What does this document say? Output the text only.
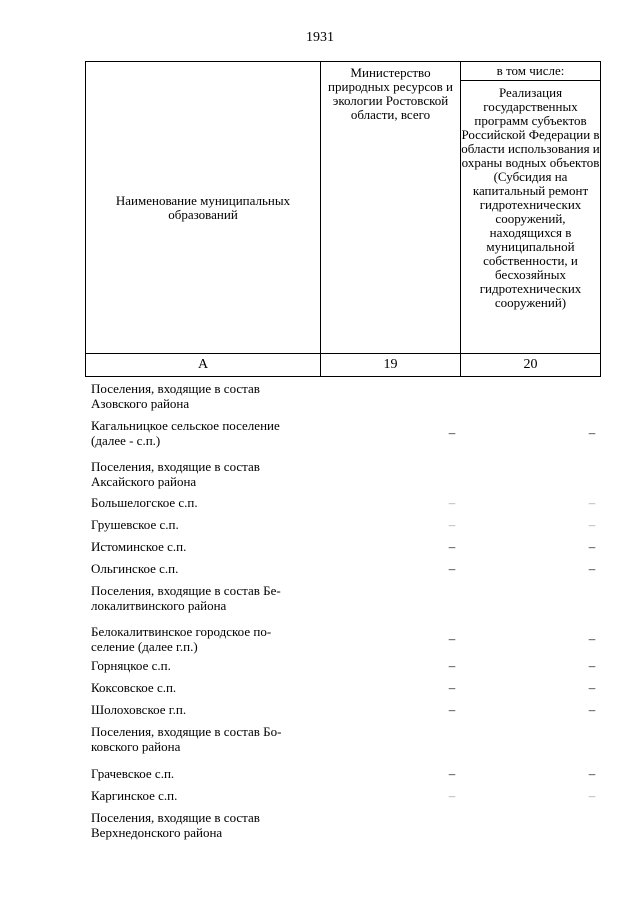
1931
Наименование муниципальных образований	Министерство природных ресурсов и экологии Ростовской области, всего	в том числе:
		Реализация государственных программ субъектов Российской Федерации в области использования и охраны водных объектов (Субсидия на капитальный ремонт гидротехнических сооружений, находящихся в муниципальной собственности, и бесхозяйных гидротехнических сооружений)
А	19	20
Поселения, входящие в состав
Азовского района
Кагальницкое сельское поселение
(далее - с.п.)	–	–
Поселения, входящие в состав
Аксайского района
Большелогское с.п.	–	–
Грушевское с.п.	–	–
Истоминское с.п.	–	–
Ольгинское с.п.	–	–
Поселения, входящие в состав Бе-
локалитвинского района
Белокалитвинское городское по-
селение (далее г.п.)	–	–
Горняцкое с.п.	–	–
Коксовское с.п.	–	–
Шолоховское г.п.	–	–
Поселения, входящие в состав Бо-
ковского района
Грачевское с.п.	–	–
Каргинское с.п.	–	–
Поселения, входящие в состав
Верхнедонского района
